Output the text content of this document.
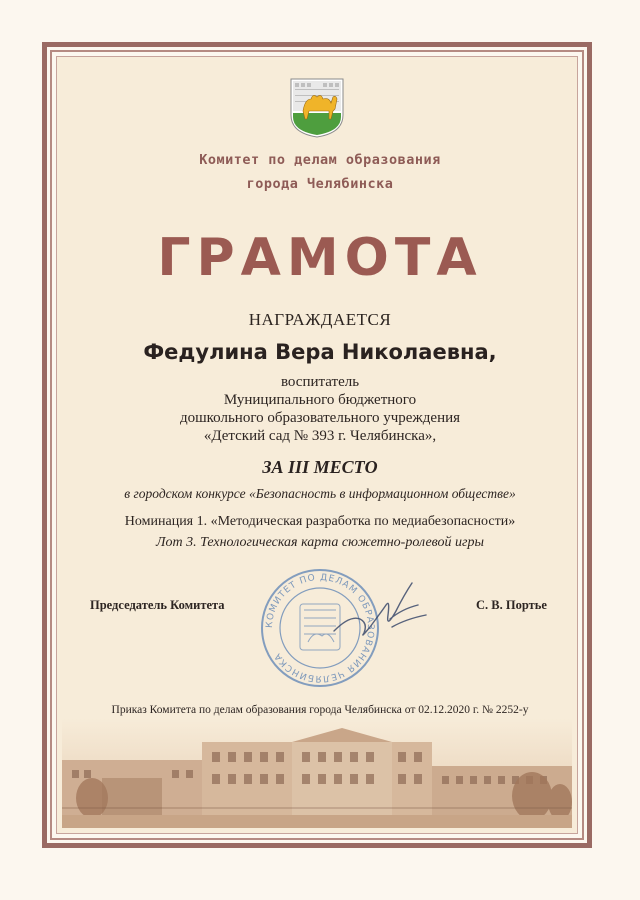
Комитет по делам образования
города Челябинска
ГРАМОТА
НАГРАЖДАЕТСЯ
Федулина Вера Николаевна,
воспитатель
Муниципального бюджетного
дошкольного образовательного учреждения
«Детский сад № 393 г. Челябинска»,
ЗА III МЕСТО
в городском конкурсе «Безопасность в информационном обществе»
Номинация 1. «Методическая разработка по медиабезопасности»
Лот 3. Технологическая карта сюжетно-ролевой игры
Председатель Комитета	С. В. Портье
КОМИТЕТ ПО ДЕЛАМ ОБРАЗОВАНИЯ ЧЕЛЯБИНСКА
Приказ Комитета по делам образования города Челябинска от 02.12.2020 г. № 2252-у
